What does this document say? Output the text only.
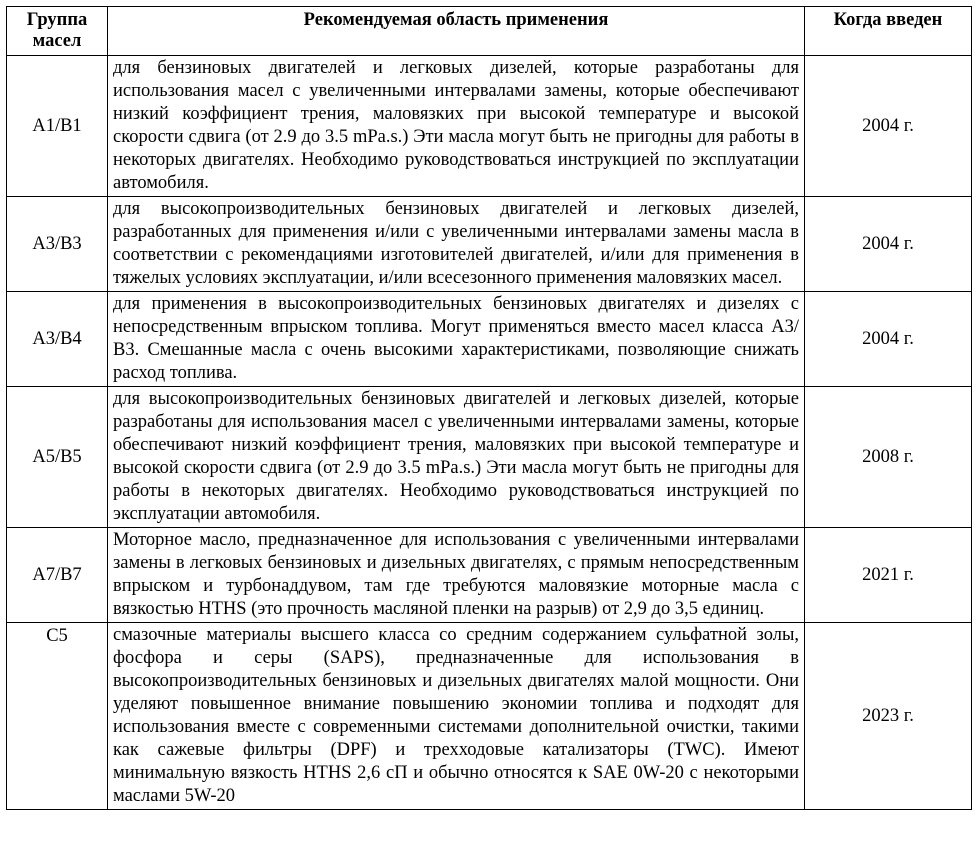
Группа масел	Рекомендуемая область применения	Когда введен
A1/B1	для бензиновых двигателей и легковых дизелей, которые разработаны для использования масел с увеличенными интервалами замены, которые обеспечивают низкий коэффициент трения, маловязких при высокой температуре и высокой скорости сдвига (от 2.9 до 3.5 mPa.s.) Эти масла могут быть не пригодны для работы в некоторых двигателях. Необходимо руководствоваться инструкцией по эксплуатации автомобиля.	2004 г.
A3/B3	для высокопроизводительных бензиновых двигателей и легковых дизелей, разработанных для применения и/или с увеличенными интервалами замены масла в соответствии с рекомендациями изготовителей двигателей, и/или для применения в тяжелых условиях эксплуатации, и/или всесезонного применения маловязких масел.	2004 г.
A3/B4	для применения в высокопроизводительных бензиновых двигателях и дизелях с непосредственным впрыском топлива. Могут применяться вместо масел класса А3/В3. Смешанные масла с очень высокими характеристиками, позволяющие снижать расход топлива.	2004 г.
A5/B5	для высокопроизводительных бензиновых двигателей и легковых дизелей, которые разработаны для использования масел с увеличенными интервалами замены, которые обеспечивают низкий коэффициент трения, маловязких при высокой температуре и высокой скорости сдвига (от 2.9 до 3.5 mPa.s.) Эти масла могут быть не пригодны для работы в некоторых двигателях. Необходимо руководствоваться инструкцией по эксплуатации автомобиля.	2008 г.
A7/B7	Моторное масло, предназначенное для использования с увеличенными интервалами замены в легковых бензиновых и дизельных двигателях, с прямым непосредственным впрыском и турбонаддувом, там где требуются маловязкие моторные масла с вязкостью HTHS (это прочность масляной пленки на разрыв) от 2,9 до 3,5 единиц.	2021 г.
C5	смазочные материалы высшего класса со средним содержанием сульфатной золы, фосфора и серы (SAPS), предназначенные для использования в высокопроизводительных бензиновых и дизельных двигателях малой мощности. Они уделяют повышенное внимание повышению экономии топлива и подходят для использования вместе с современными системами дополнительной очистки, такими как сажевые фильтры (DPF) и трехходовые катализаторы (TWC). Имеют минимальную вязкость HTHS 2,6 сП и обычно относятся к SAE 0W-20 с некоторыми маслами 5W-20	2023 г.
